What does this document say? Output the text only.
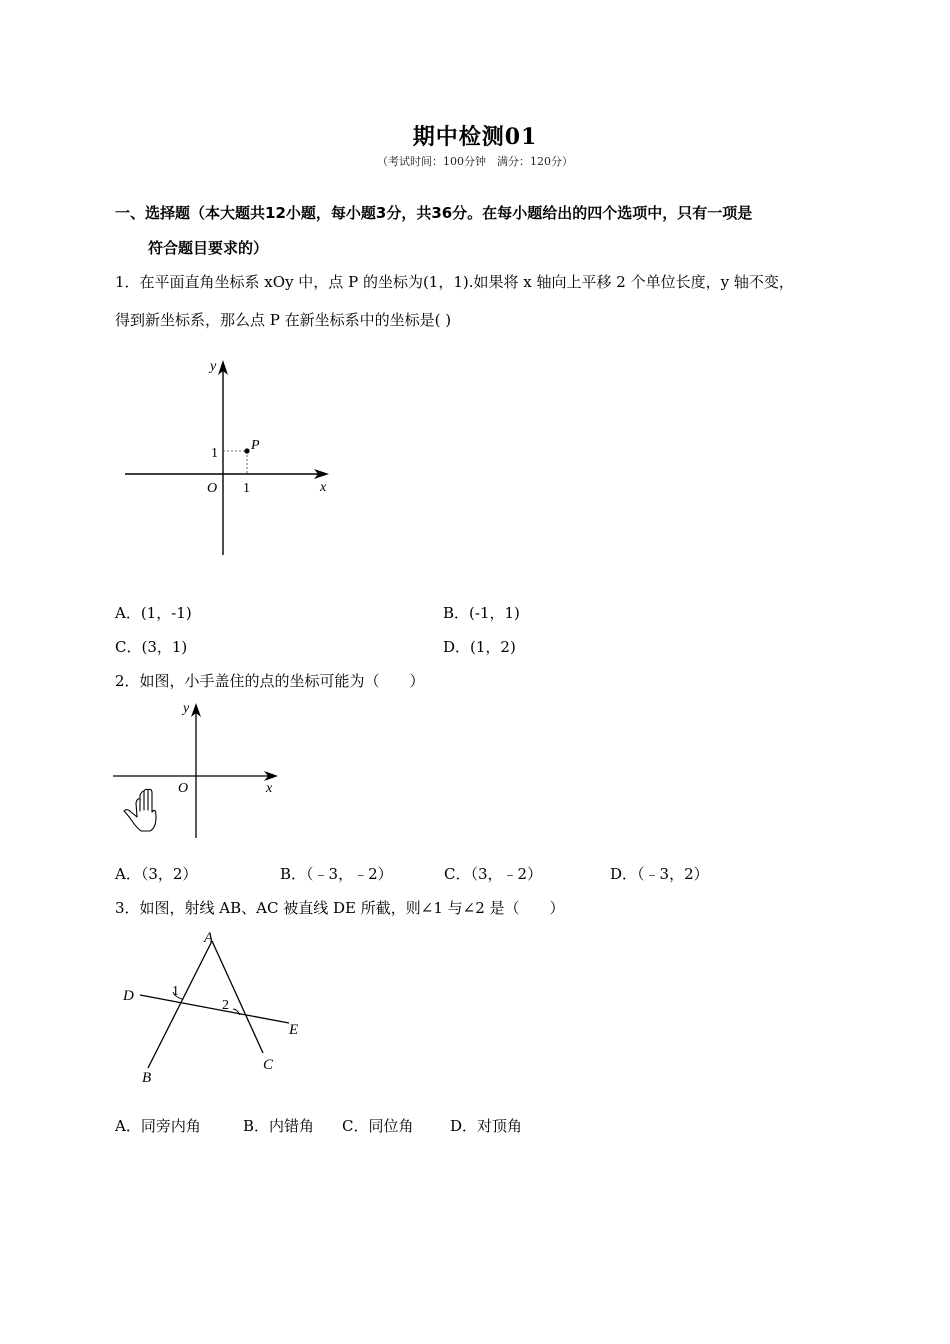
期中检测01
（考试时间：100分钟　满分：120分）
一、选择题（本大题共12小题，每小题3分，共36分。在每小题给出的四个选项中，只有一项是
符合题目要求的）
1．在平面直角坐标系 xOy 中，点 P 的坐标为(1，1).如果将 x 轴向上平移 2 个单位长度，y 轴不变，
得到新坐标系，那么点 P 在新坐标系中的坐标是( )
y
x
O 1
1
P
A．(1，-1)	B．(-1，1)
C．(3，1)	D．(1，2)
2．如图，小手盖住的点的坐标可能为（　　）
y
x
O
A．（3，2）	B．（﹣3，﹣2）	C．（3，﹣2）	D．（﹣3，2）
3．如图，射线 AB、AC 被直线 DE 所截，则∠1 与∠2 是（　　）
A
B
C
D
E
1
2
A．同旁内角	B．内错角 C．同位角 D．对顶角
